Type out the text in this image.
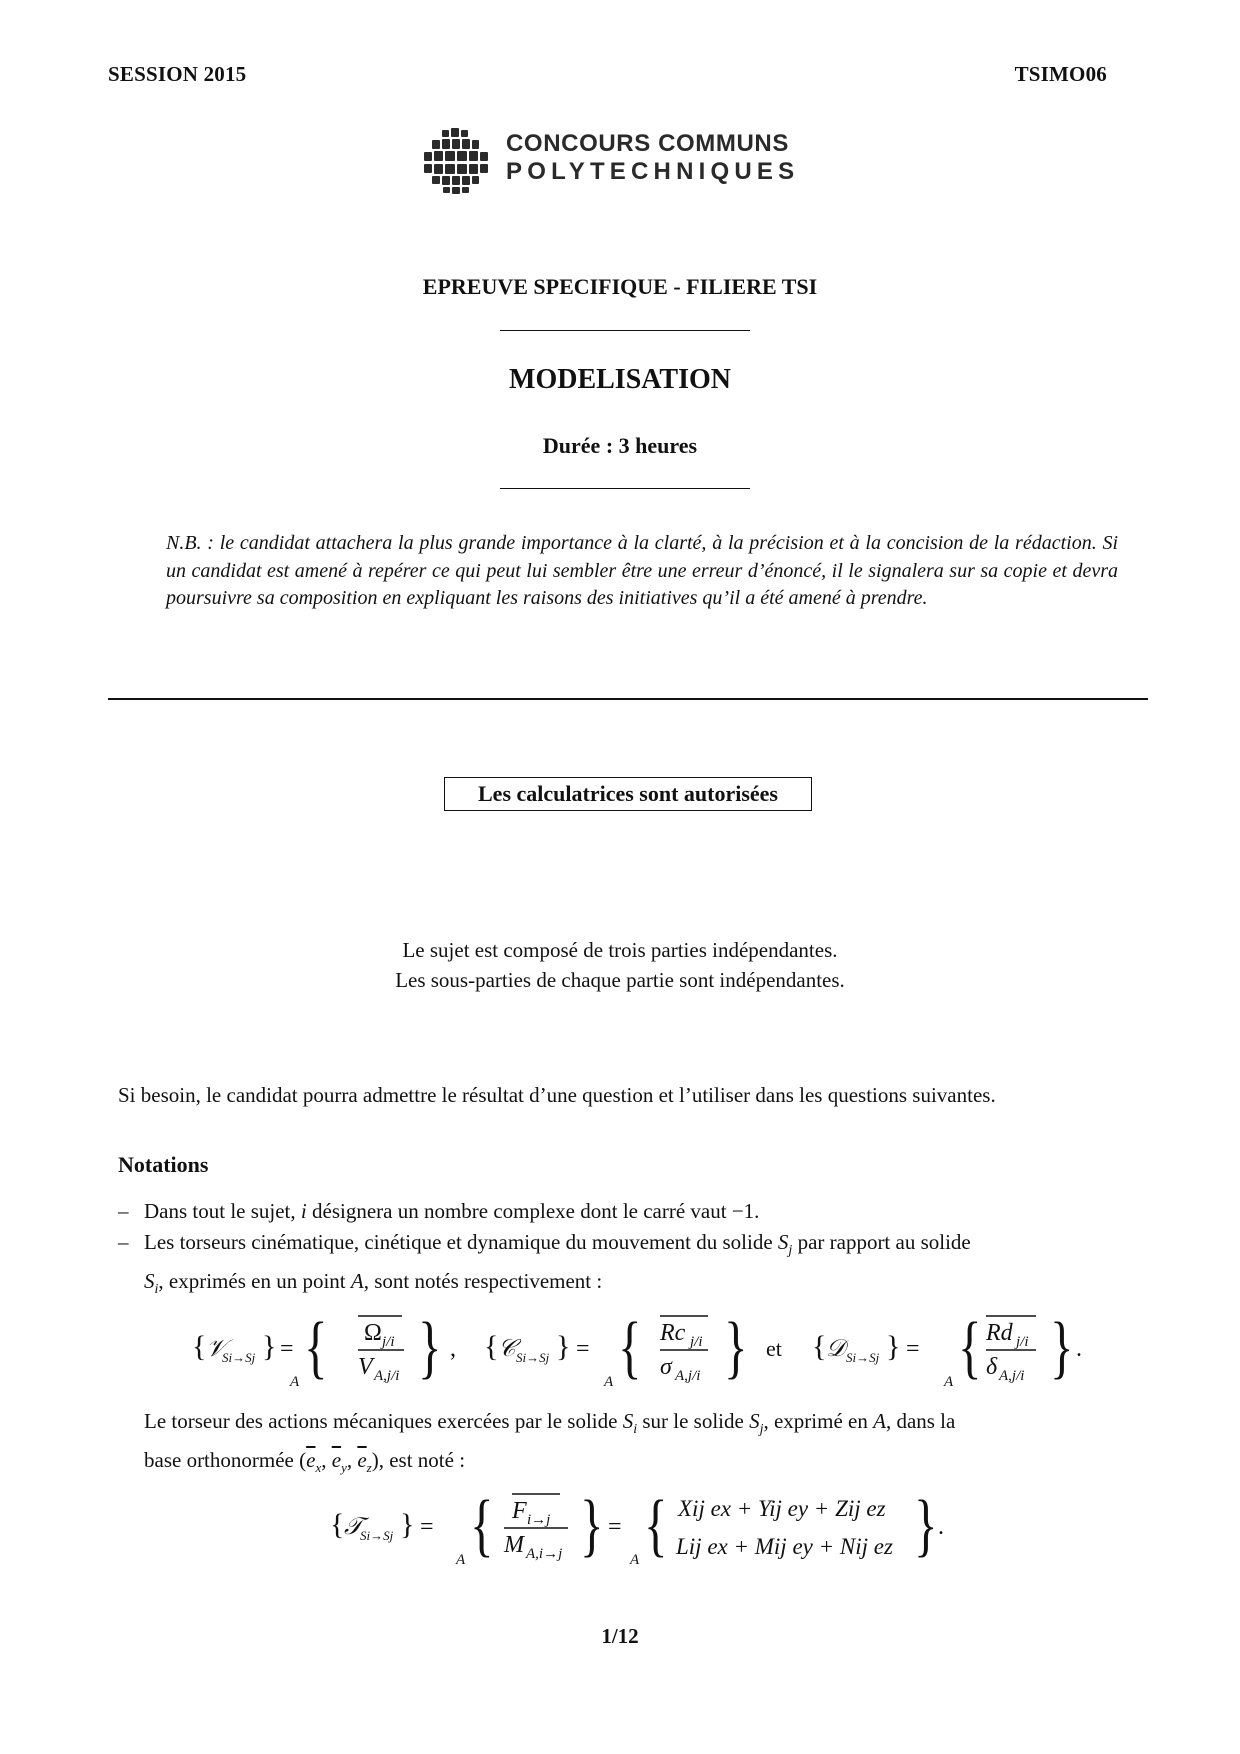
SESSION 2015	TSIMO06
CONCOURS COMMUNS
POLYTECHNIQUES
EPREUVE SPECIFIQUE - FILIERE TSI
MODELISATION
Durée : 3 heures
N.B. : le candidat attachera la plus grande importance à la clarté, à la précision et à la concision de la rédaction. Si un candidat est amené à repérer ce qui peut lui sembler être une erreur d’énoncé, il le signalera sur sa copie et devra poursuivre sa composition en expliquant les raisons des initiatives qu’il a été amené à prendre.
Les calculatrices sont autorisées
Le sujet est composé de trois parties indépendantes.
Les sous-parties de chaque partie sont indépendantes.
Si besoin, le candidat pourra admettre le résultat d’une question et l’utiliser dans les questions suivantes.
Notations
– Dans tout le sujet, i désignera un nombre complexe dont le carré vaut −1.
– Les torseurs cinématique, cinétique et dynamique du mouvement du solide $S_j$ par rapport au solide
$S_i$, exprimés en un point A, sont notés respectivement :
{ 𝒱
Si→Sj } =
A { Ω j/i
V A,j/i } , { 𝒞 Si→Sj } =
A { Rc j/i
σ A,j/i } et { 𝒟 Si→Sj } =
A { Rd j/i
δ A,j/i } .
Le torseur des actions mécaniques exercées par le solide $S_i$ sur le solide $S_j$, exprimé en A, dans la
base orthonormée ($\overline{e}_x$, $\overline{e}_y$, $\overline{e}_z$), est noté :
{ 𝒯
Si→Sj } =
A { F i→j
M A,i→j } =
A { Xij ex + Yij ey + Zij ez
Lij ex + Mij ey + Nij ez } .
1/12
